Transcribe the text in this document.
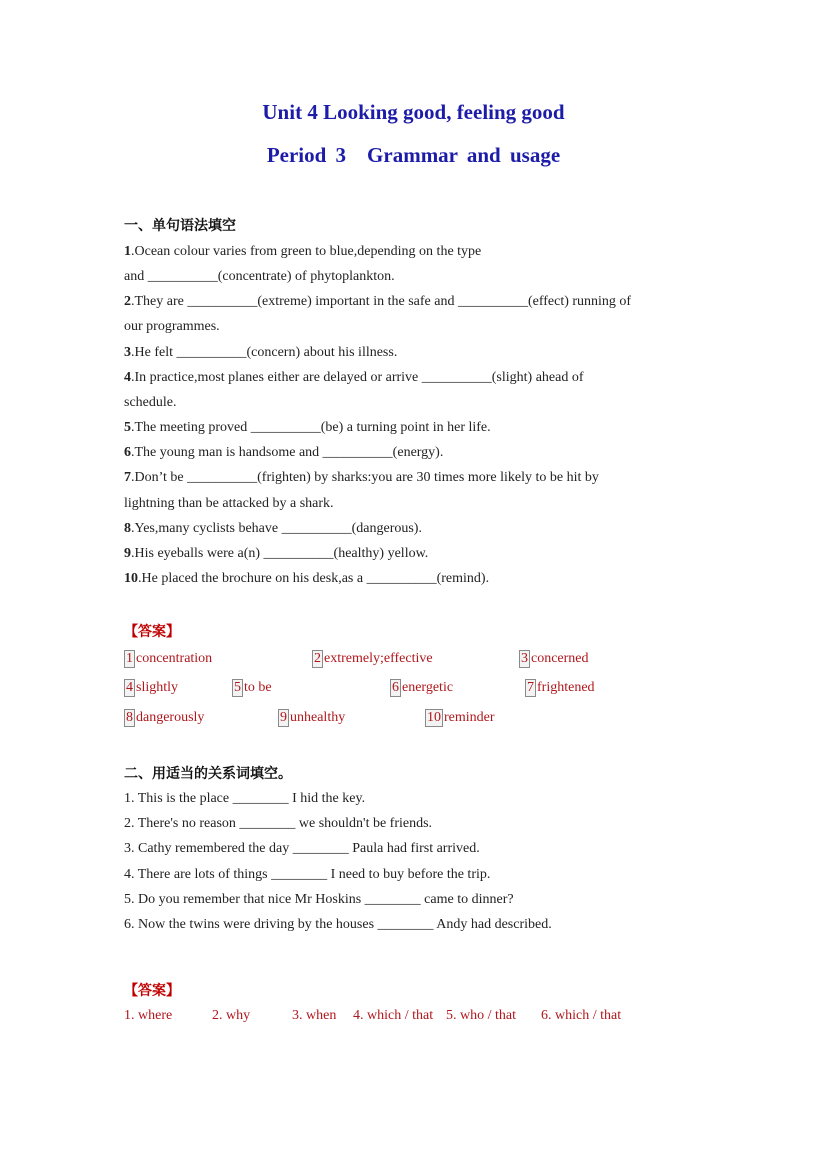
Unit 4 Looking good, feeling good
Period 3　Grammar and usage
一、单句语法填空
1.Ocean colour varies from green to blue,depending on the type
and __________(concentrate) of phytoplankton.
2.They are __________(extreme) important in the safe and __________(effect) running of
our programmes.
3.He felt __________(concern) about his illness.
4.In practice,most planes either are delayed or arrive __________(slight) ahead of
schedule.
5.The meeting proved __________(be) a turning point in her life.
6.The young man is handsome and __________(energy).
7.Don’t be __________(frighten) by sharks:you are 30 times more likely to be hit by
lightning than be attacked by a shark.
8.Yes,many cyclists behave __________(dangerous).
9.His eyeballs were a(n) __________(healthy) yellow.
10.He placed the brochure on his desk,as a __________(remind).
【答案】
1 concentration	2 extremely;effective	3 concerned
4 slightly	5 to be	6 energetic	7 frightened
8 dangerously	9 unhealthy	10 reminder
二、用适当的关系词填空。
1. This is the place ________ I hid the key.
2. There's no reason ________ we shouldn't be friends.
3. Cathy remembered the day ________ Paula had first arrived.
4. There are lots of things ________ I need to buy before the trip.
5. Do you remember that nice Mr Hoskins ________ came to dinner?
6. Now the twins were driving by the houses ________ Andy had described.
【答案】
1. where	2. why	3. when 4. which / that 5. who / that 6. which / that
